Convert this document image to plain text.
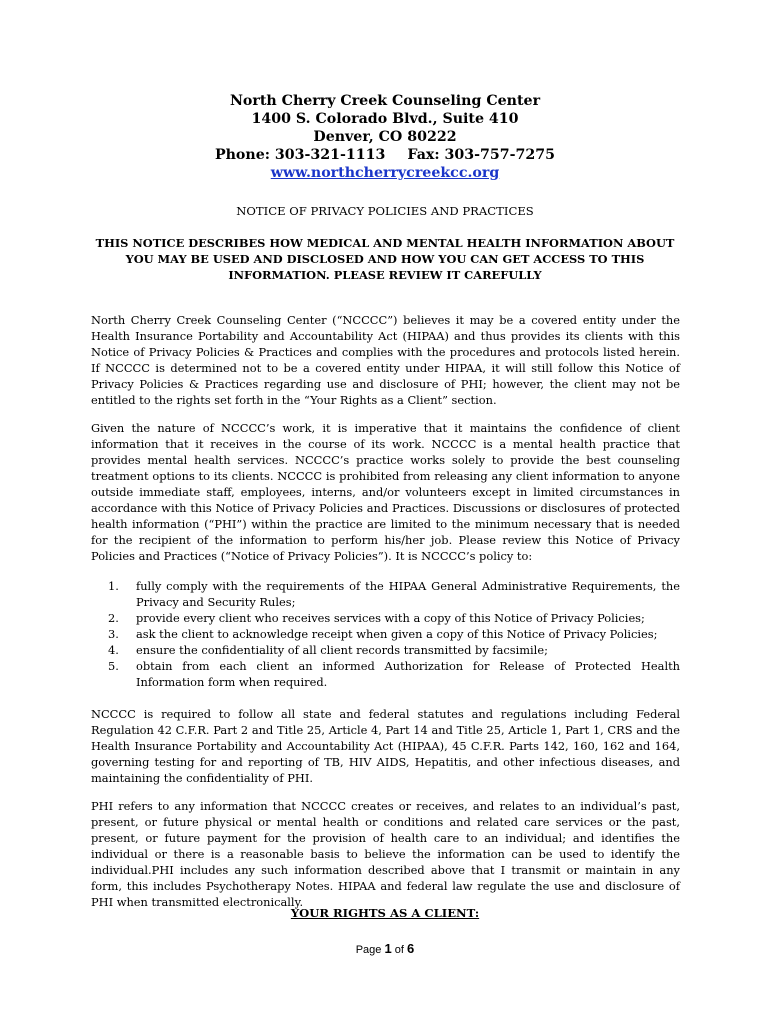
North Cherry Creek Counseling Center
1400 S. Colorado Blvd., Suite 410
Denver, CO 80222
Phone: 303-321-1113 Fax: 303-757-7275
www.northcherrycreekcc.org
NOTICE OF PRIVACY POLICIES AND PRACTICES
THIS NOTICE DESCRIBES HOW MEDICAL AND MENTAL HEALTH INFORMATION ABOUT YOU MAY BE USED AND DISCLOSED AND HOW YOU CAN GET ACCESS TO THIS INFORMATION. PLEASE REVIEW IT CAREFULLY

North Cherry Creek Counseling Center (“NCCCC”) believes it may be a covered entity under the Health Insurance Portability and Accountability Act (HIPAA) and thus provides its clients with this Notice of Privacy Policies & Practices and complies with the procedures and protocols listed herein. If NCCCC is determined not to be a covered entity under HIPAA, it will still follow this Notice of Privacy Policies & Practices regarding use and disclosure of PHI; however, the client may not be entitled to the rights set forth in the “Your Rights as a Client” section.

Given the nature of NCCCC’s work, it is imperative that it maintains the confidence of client information that it receives in the course of its work. NCCCC is a mental health practice that provides mental health services. NCCCC’s practice works solely to provide the best counseling treatment options to its clients. NCCCC is prohibited from releasing any client information to anyone outside immediate staff, employees, interns, and/or volunteers except in limited circumstances in accordance with this Notice of Privacy Policies and Practices. Discussions or disclosures of protected health information (“PHI”) within the practice are limited to the minimum necessary that is needed for the recipient of the information to perform his/her job. Please review this Notice of Privacy Policies and Practices (“Notice of Privacy Policies”). It is NCCCC’s policy to:

1. fully comply with the requirements of the HIPAA General Administrative Requirements, the Privacy and Security Rules;
2. provide every client who receives services with a copy of this Notice of Privacy Policies;
3. ask the client to acknowledge receipt when given a copy of this Notice of Privacy Policies;
4. ensure the confidentiality of all client records transmitted by facsimile;
5. obtain from each client an informed Authorization for Release of Protected Health Information form when required.

NCCCC is required to follow all state and federal statutes and regulations including Federal Regulation 42 C.F.R. Part 2 and Title 25, Article 4, Part 14 and Title 25, Article 1, Part 1, CRS and the Health Insurance Portability and Accountability Act (HIPAA), 45 C.F.R. Parts 142, 160, 162 and 164, governing testing for and reporting of TB, HIV AIDS, Hepatitis, and other infectious diseases, and maintaining the confidentiality of PHI.

PHI refers to any information that NCCCC creates or receives, and relates to an individual’s past, present, or future physical or mental health or conditions and related care services or the past, present, or future payment for the provision of health care to an individual; and identifies the individual or there is a reasonable basis to believe the information can be used to identify the individual.PHI includes any such information described above that I transmit or maintain in any form, this includes Psychotherapy Notes. HIPAA and federal law regulate the use and disclosure of PHI when transmitted electronically.

YOUR RIGHTS AS A CLIENT:
Page 1 of 6
